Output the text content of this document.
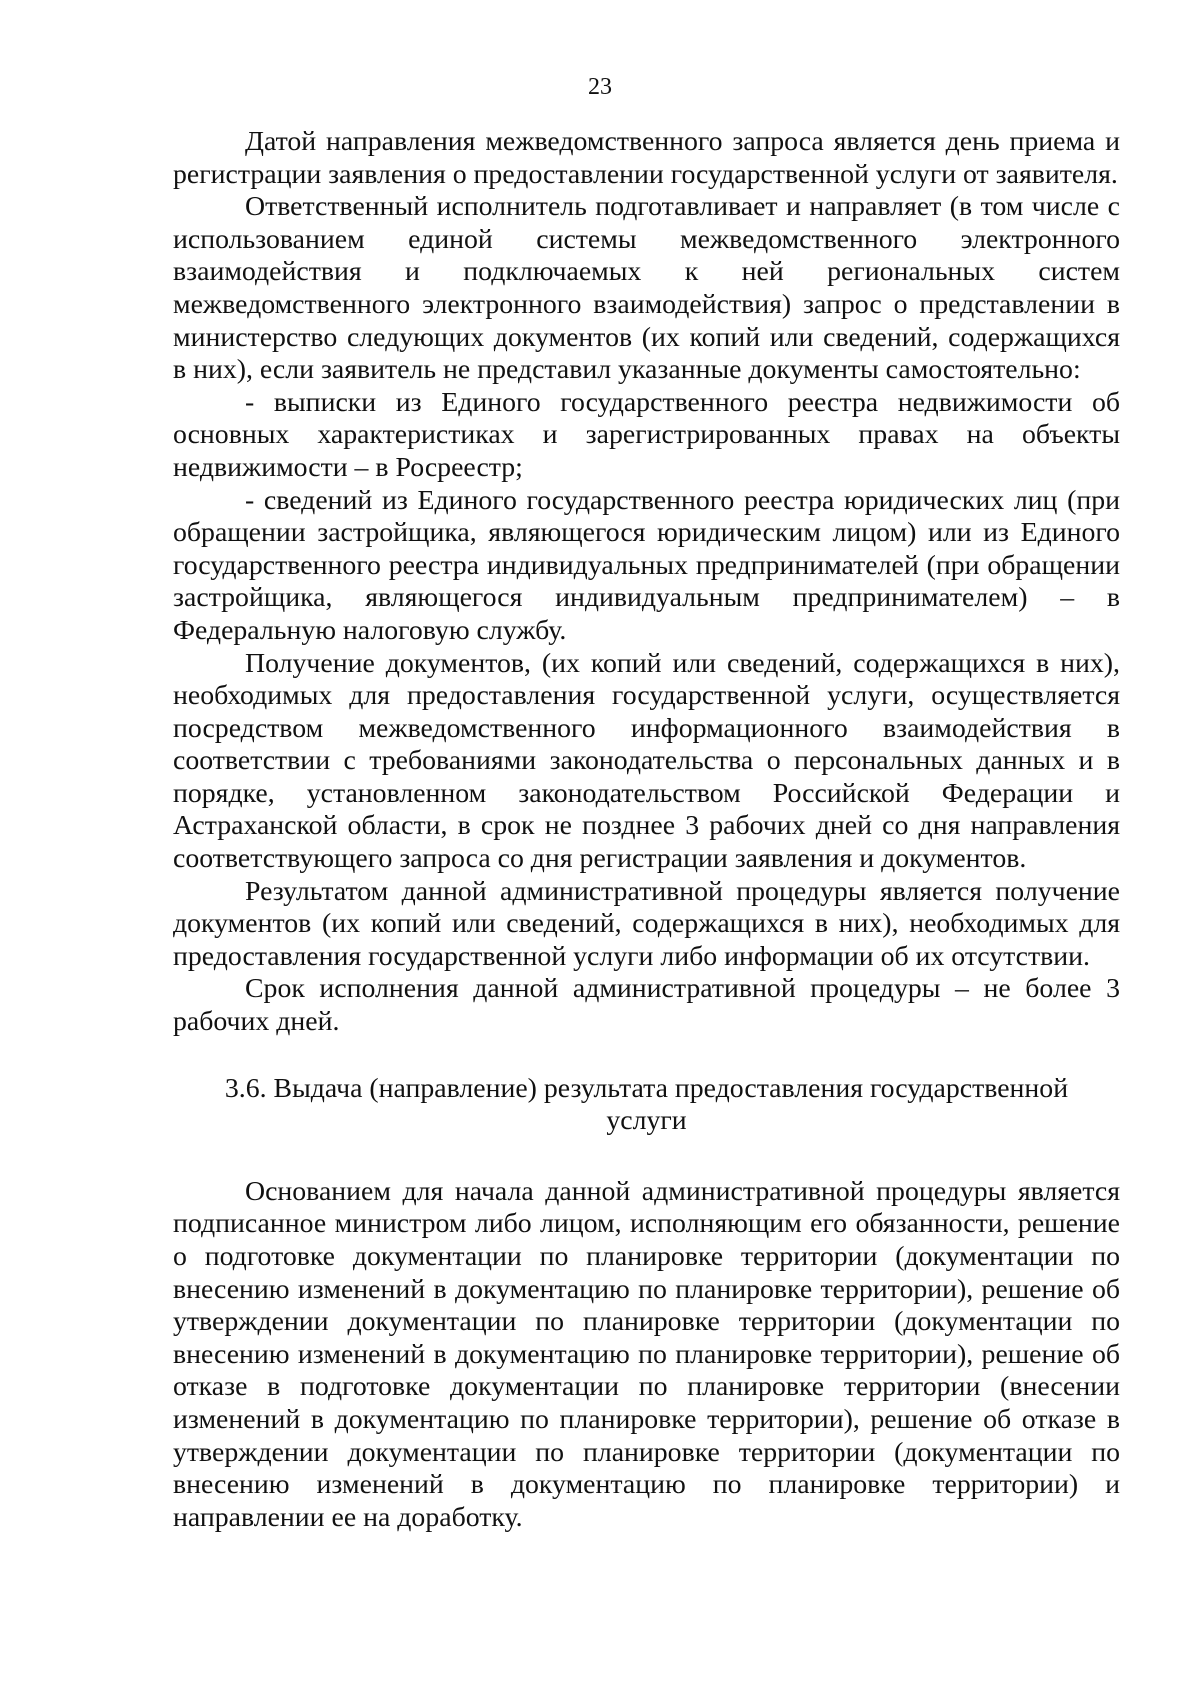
23

Датой направления межведомственного запроса является день приема и регистрации заявления о предоставлении государственной услуги от заявителя.

Ответственный исполнитель подготавливает и направляет (в том числе с использованием единой системы межведомственного электронного взаимодействия и подключаемых к ней региональных систем межведомственного электронного взаимодействия) запрос о представлении в министерство следующих документов (их копий или сведений, содержащихся в них), если заявитель не представил указанные документы самостоятельно:

- выписки из Единого государственного реестра недвижимости об основных характеристиках и зарегистрированных правах на объекты недвижимости – в Росреестр;

- сведений из Единого государственного реестра юридических лиц (при обращении застройщика, являющегося юридическим лицом) или из Единого государственного реестра индивидуальных предпринимателей (при обращении застройщика, являющегося индивидуальным предпринимателем) – в Федеральную налоговую службу.

Получение документов, (их копий или сведений, содержащихся в них), необходимых для предоставления государственной услуги, осуществляется посредством межведомственного информационного взаимодействия в соответствии с требованиями законодательства о персональных данных и в порядке, установленном законодательством Российской Федерации и Астраханской области, в срок не позднее 3 рабочих дней со дня направления соответствующего запроса со дня регистрации заявления и документов.

Результатом данной административной процедуры является получение документов (их копий или сведений, содержащихся в них), необходимых для предоставления государственной услуги либо информации об их отсутствии.

Срок исполнения данной административной процедуры – не более 3 рабочих дней.

3.6. Выдача (направление) результата предоставления государственной услуги

Основанием для начала данной административной процедуры является подписанное министром либо лицом, исполняющим его обязанности, решение о подготовке документации по планировке территории (документации по внесению изменений в документацию по планировке территории), решение об утверждении документации по планировке территории (документации по внесению изменений в документацию по планировке территории), решение об отказе в подготовке документации по планировке территории (внесении изменений в документацию по планировке территории), решение об отказе в утверждении документации по планировке территории (документации по внесению изменений в документацию по планировке территории) и направлении ее на доработку.
